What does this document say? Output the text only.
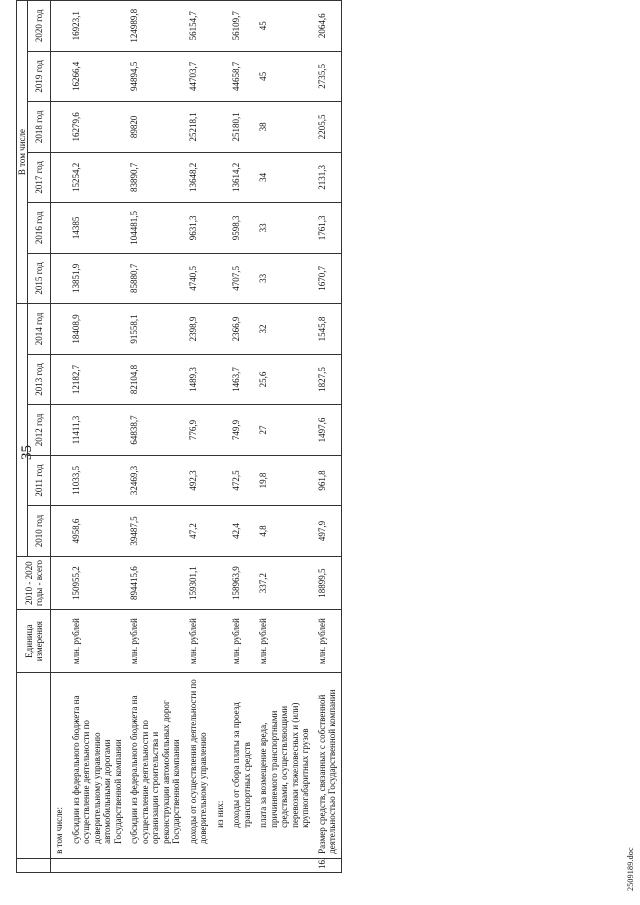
35
		Единица измерения	2010 - 2020 годы - всего						В том числе					
				2010 год	2011 год	2012 год	2013 год	2014 год	2015 год	2016 год	2017 год	2018 год	2019 год	2020 год
	в том числе:													
	субсидии из федерального бюджета на осуществление деятельности по доверительному управлению автомобильными дорогами Государственной компании	млн. рублей	150955,2	4958,6	11033,5	11411,3	12182,7	18408,9	13851,9	14385	15254,2	16279,6	16266,4	16923,1
	субсидии из федерального бюджета на осуществление деятельности по организации строительства и реконструкции автомобильных дорог Государственной компании	млн. рублей	894415,6	39487,5	32469,3	64838,7	82104,8	91558,1	85880,7	104481,5	83890,7	89820	94894,5	124989,8
	доходы от осуществления деятельности по доверительному управлению	млн. рублей	159301,1	47,2	492,3	776,9	1489,3	2398,9	4740,5	9631,3	13648,2	25218,1	44703,7	56154,7
	из них:													
	доходы от сбора платы за проезд транспортных средств	млн. рублей	158963,9	42,4	472,5	749,9	1463,7	2366,9	4707,5	9598,3	13614,2	25180,1	44658,7	56109,7
	плата за возмещение вреда, причиняемого транспортными средствами, осуществляющими перевозки тяжеловесных и (или) крупногабаритных грузов	млн. рублей	337,2	4,8	19,8	27	25,6	32	33	33	34	38	45	45
16.	Размер средств, связанных с собственной деятельностью Государственной компании	млн. рублей	18899,5	497,9	961,8	1497,6	1827,5	1545,8	1670,7	1761,3	2131,3	2205,5	2735,5	2064,6
2509189.doc
